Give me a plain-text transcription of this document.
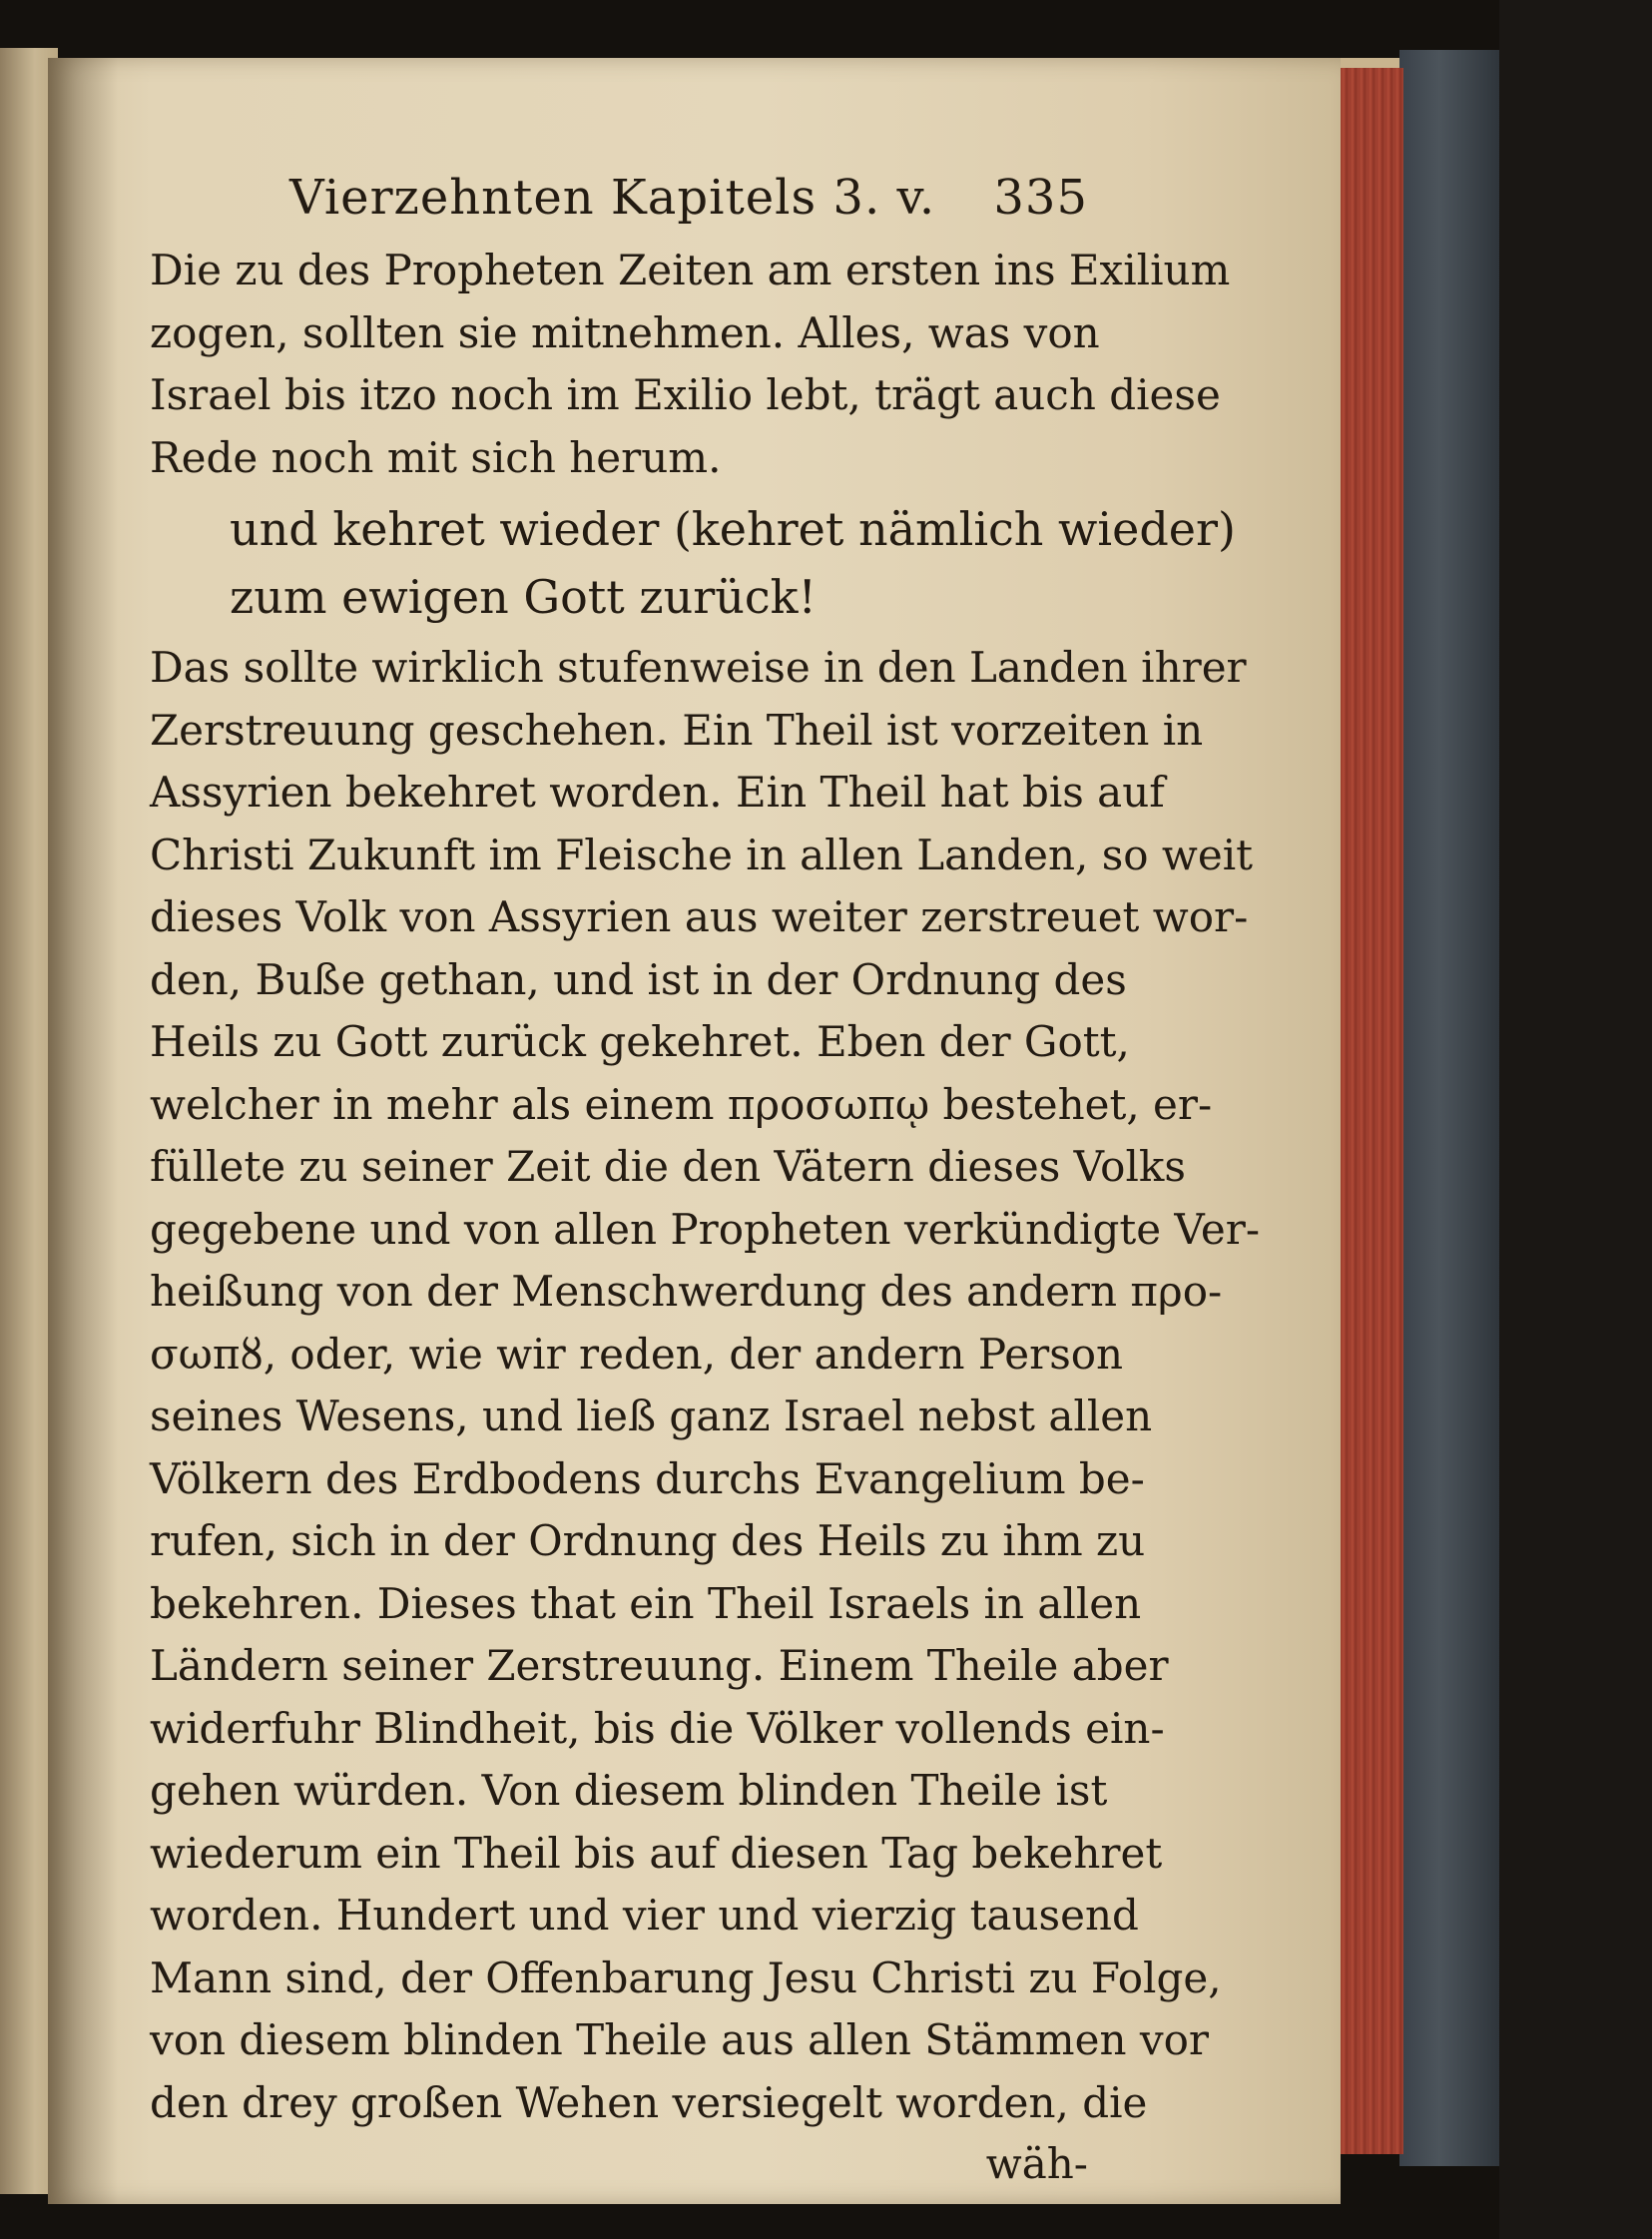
Vierzehnten Kapitels 3. v. 335
Die zu des Propheten Zeiten am ersten ins Exilium
zogen, sollten sie mitnehmen. Alles, was von
Israel bis itzo noch im Exilio lebt, trägt auch diese
Rede noch mit sich herum.
und kehret wieder (kehret nämlich wieder)
zum ewigen Gott zurück!
Das sollte wirklich stufenweise in den Landen ihrer
Zerstreuung geschehen. Ein Theil ist vorzeiten in
Assyrien bekehret worden. Ein Theil hat bis auf
Christi Zukunft im Fleische in allen Landen, so weit
dieses Volk von Assyrien aus weiter zerstreuet wor-
den, Buße gethan, und ist in der Ordnung des
Heils zu Gott zurück gekehret. Eben der Gott,
welcher in mehr als einem προσωπῳ bestehet, er-
füllete zu seiner Zeit die den Vätern dieses Volks
gegebene und von allen Propheten verkündigte Ver-
heißung von der Menschwerdung des andern προ-
σωπȣ, oder, wie wir reden, der andern Person
seines Wesens, und ließ ganz Israel nebst allen
Völkern des Erdbodens durchs Evangelium be-
rufen, sich in der Ordnung des Heils zu ihm zu
bekehren. Dieses that ein Theil Israels in allen
Ländern seiner Zerstreuung. Einem Theile aber
widerfuhr Blindheit, bis die Völker vollends ein-
gehen würden. Von diesem blinden Theile ist
wiederum ein Theil bis auf diesen Tag bekehret
worden. Hundert und vier und vierzig tausend
Mann sind, der Offenbarung Jesu Christi zu Folge,
von diesem blinden Theile aus allen Stämmen vor
den drey großen Wehen versiegelt worden, die
wäh-
